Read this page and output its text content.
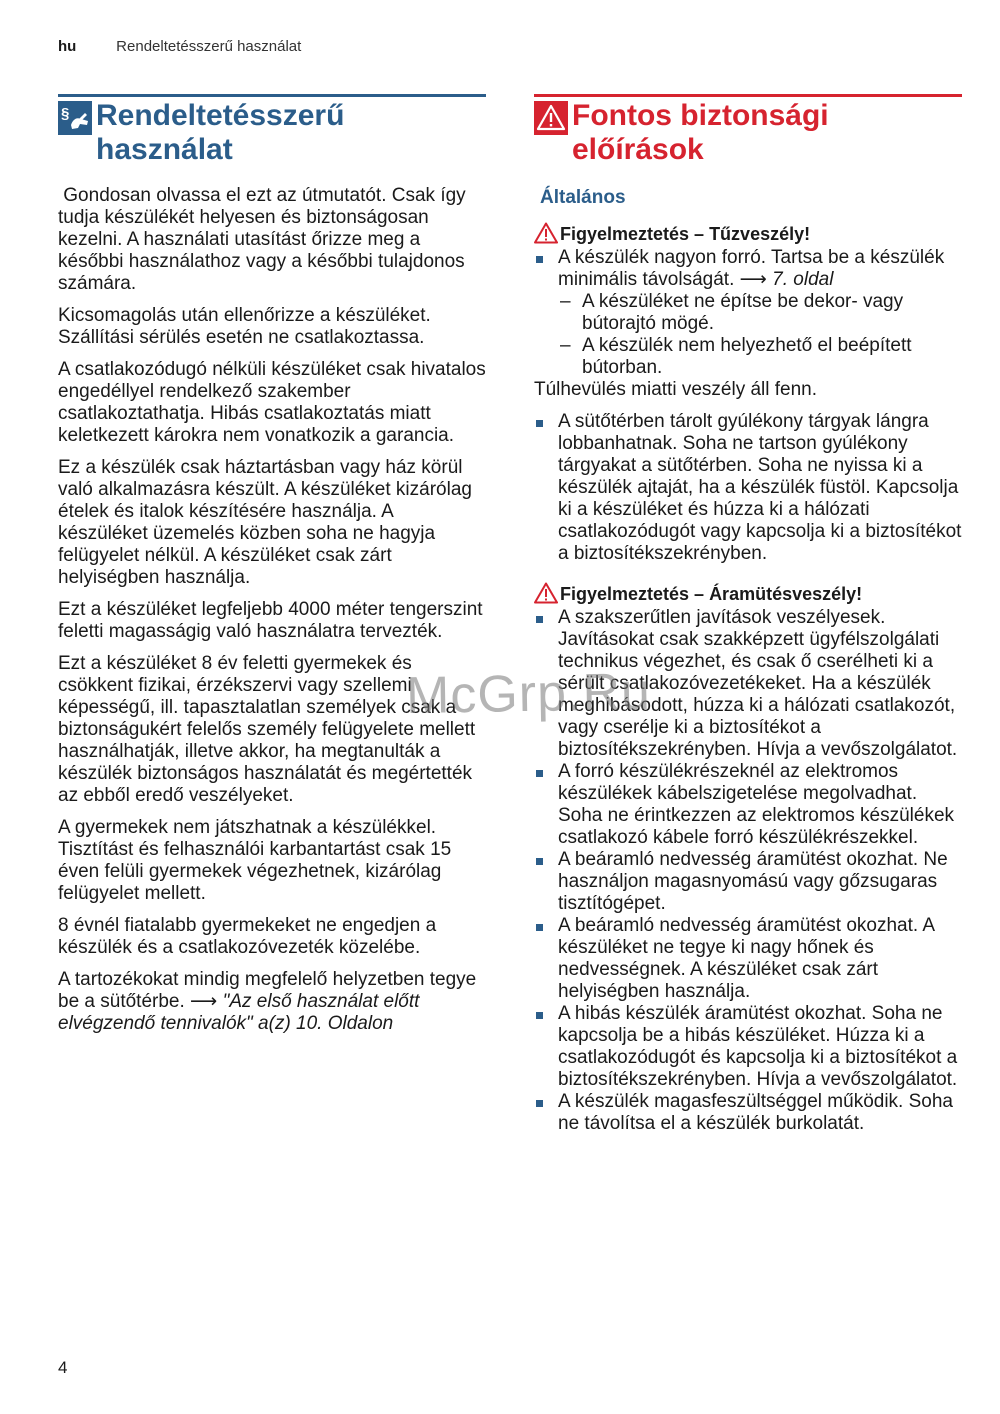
hu	Rendeltetésszerű használat
§ Rendeltetésszerű
használat

Gondosan olvassa el ezt az útmutatót. Csak így tudja készülékét helyesen és biztonságosan kezelni. A használati utasítást őrizze meg a későbbi használathoz vagy a későbbi tulajdonos számára.

Kicsomagolás után ellenőrizze a készüléket. Szállítási sérülés esetén ne csatlakoztassa.

A csatlakozódugó nélküli készüléket csak hivatalos engedéllyel rendelkező szakember csatlakoztathatja. Hibás csatlakoztatás miatt keletkezett károkra nem vonatkozik a garancia.

Ez a készülék csak háztartásban vagy ház körül való alkalmazásra készült. A készüléket kizárólag ételek és italok készítésére használja. A készüléket üzemelés közben soha ne hagyja felügyelet nélkül. A készüléket csak zárt helyiségben használja.

Ezt a készüléket legfeljebb 4000 méter tengerszint feletti magasságig való használatra tervezték.

Ezt a készüléket 8 év feletti gyermekek és csökkent fizikai, érzékszervi vagy szellemi képességű, ill. tapasztalatlan személyek csak a biztonságukért felelős személy felügyelete mellett használhatják, illetve akkor, ha megtanulták a készülék biztonságos használatát és megértették az ebből eredő veszélyeket.

A gyermekek nem játszhatnak a készülékkel. Tisztítást és felhasználói karbantartást csak 15 éven felüli gyermekek végezhetnek, kizárólag felügyelet mellett.

8 évnél fiatalabb gyermekeket ne engedjen a készülék és a csatlakozóvezeték közelébe.

A tartozékokat mindig megfelelő helyzetben tegye be a sütőtérbe. ⟶ "Az első használat előtt elvégzendő tennivalók" a(z) 10. Oldalon

Fontos biztonsági
előírások
Általános
Figyelmeztetés – Tűzveszély!
A készülék nagyon forró. Tartsa be a készülék minimális távolságát. ⟶ 7. oldal
– A készüléket ne építse be dekor- vagy bútorajtó mögé.
– A készülék nem helyezhető el beépített bútorban.

Túlhevülés miatti veszély áll fenn.

A sütőtérben tárolt gyúlékony tárgyak lángra lobbanhatnak. Soha ne tartson gyúlékony tárgyakat a sütőtérben. Soha ne nyissa ki a készülék ajtaját, ha a készülék füstöl. Kapcsolja ki a készüléket és húzza ki a hálózati csatlakozódugót vagy kapcsolja ki a biztosítékot a biztosítékszekrényben.
Figyelmeztetés – Áramütésveszély!
A szakszerűtlen javítások veszélyesek. Javításokat csak szakképzett ügyfélszolgálati technikus végezhet, és csak ő cserélheti ki a sérült csatlakozóvezetékeket. Ha a készülék meghibásodott, húzza ki a hálózati csatlakozót, vagy cserélje ki a biztosítékot a biztosítékszekrényben. Hívja a vevőszolgálatot.
A forró készülékrészeknél az elektromos készülékek kábelszigetelése megolvadhat. Soha ne érintkezzen az elektromos készülékek csatlakozó kábele forró készülékrészekkel.
A beáramló nedvesség áramütést okozhat. Ne használjon magasnyomású vagy gőzsugaras tisztítógépet.
A beáramló nedvesség áramütést okozhat. A készüléket ne tegye ki nagy hőnek és nedvességnek. A készüléket csak zárt helyiségben használja.
A hibás készülék áramütést okozhat. Soha ne kapcsolja be a hibás készüléket. Húzza ki a csatlakozódugót és kapcsolja ki a biztosítékot a biztosítékszekrényben. Hívja a vevőszolgálatot.
A készülék magasfeszültséggel működik. Soha ne távolítsa el a készülék burkolatát.
McGrp.Ru
4
